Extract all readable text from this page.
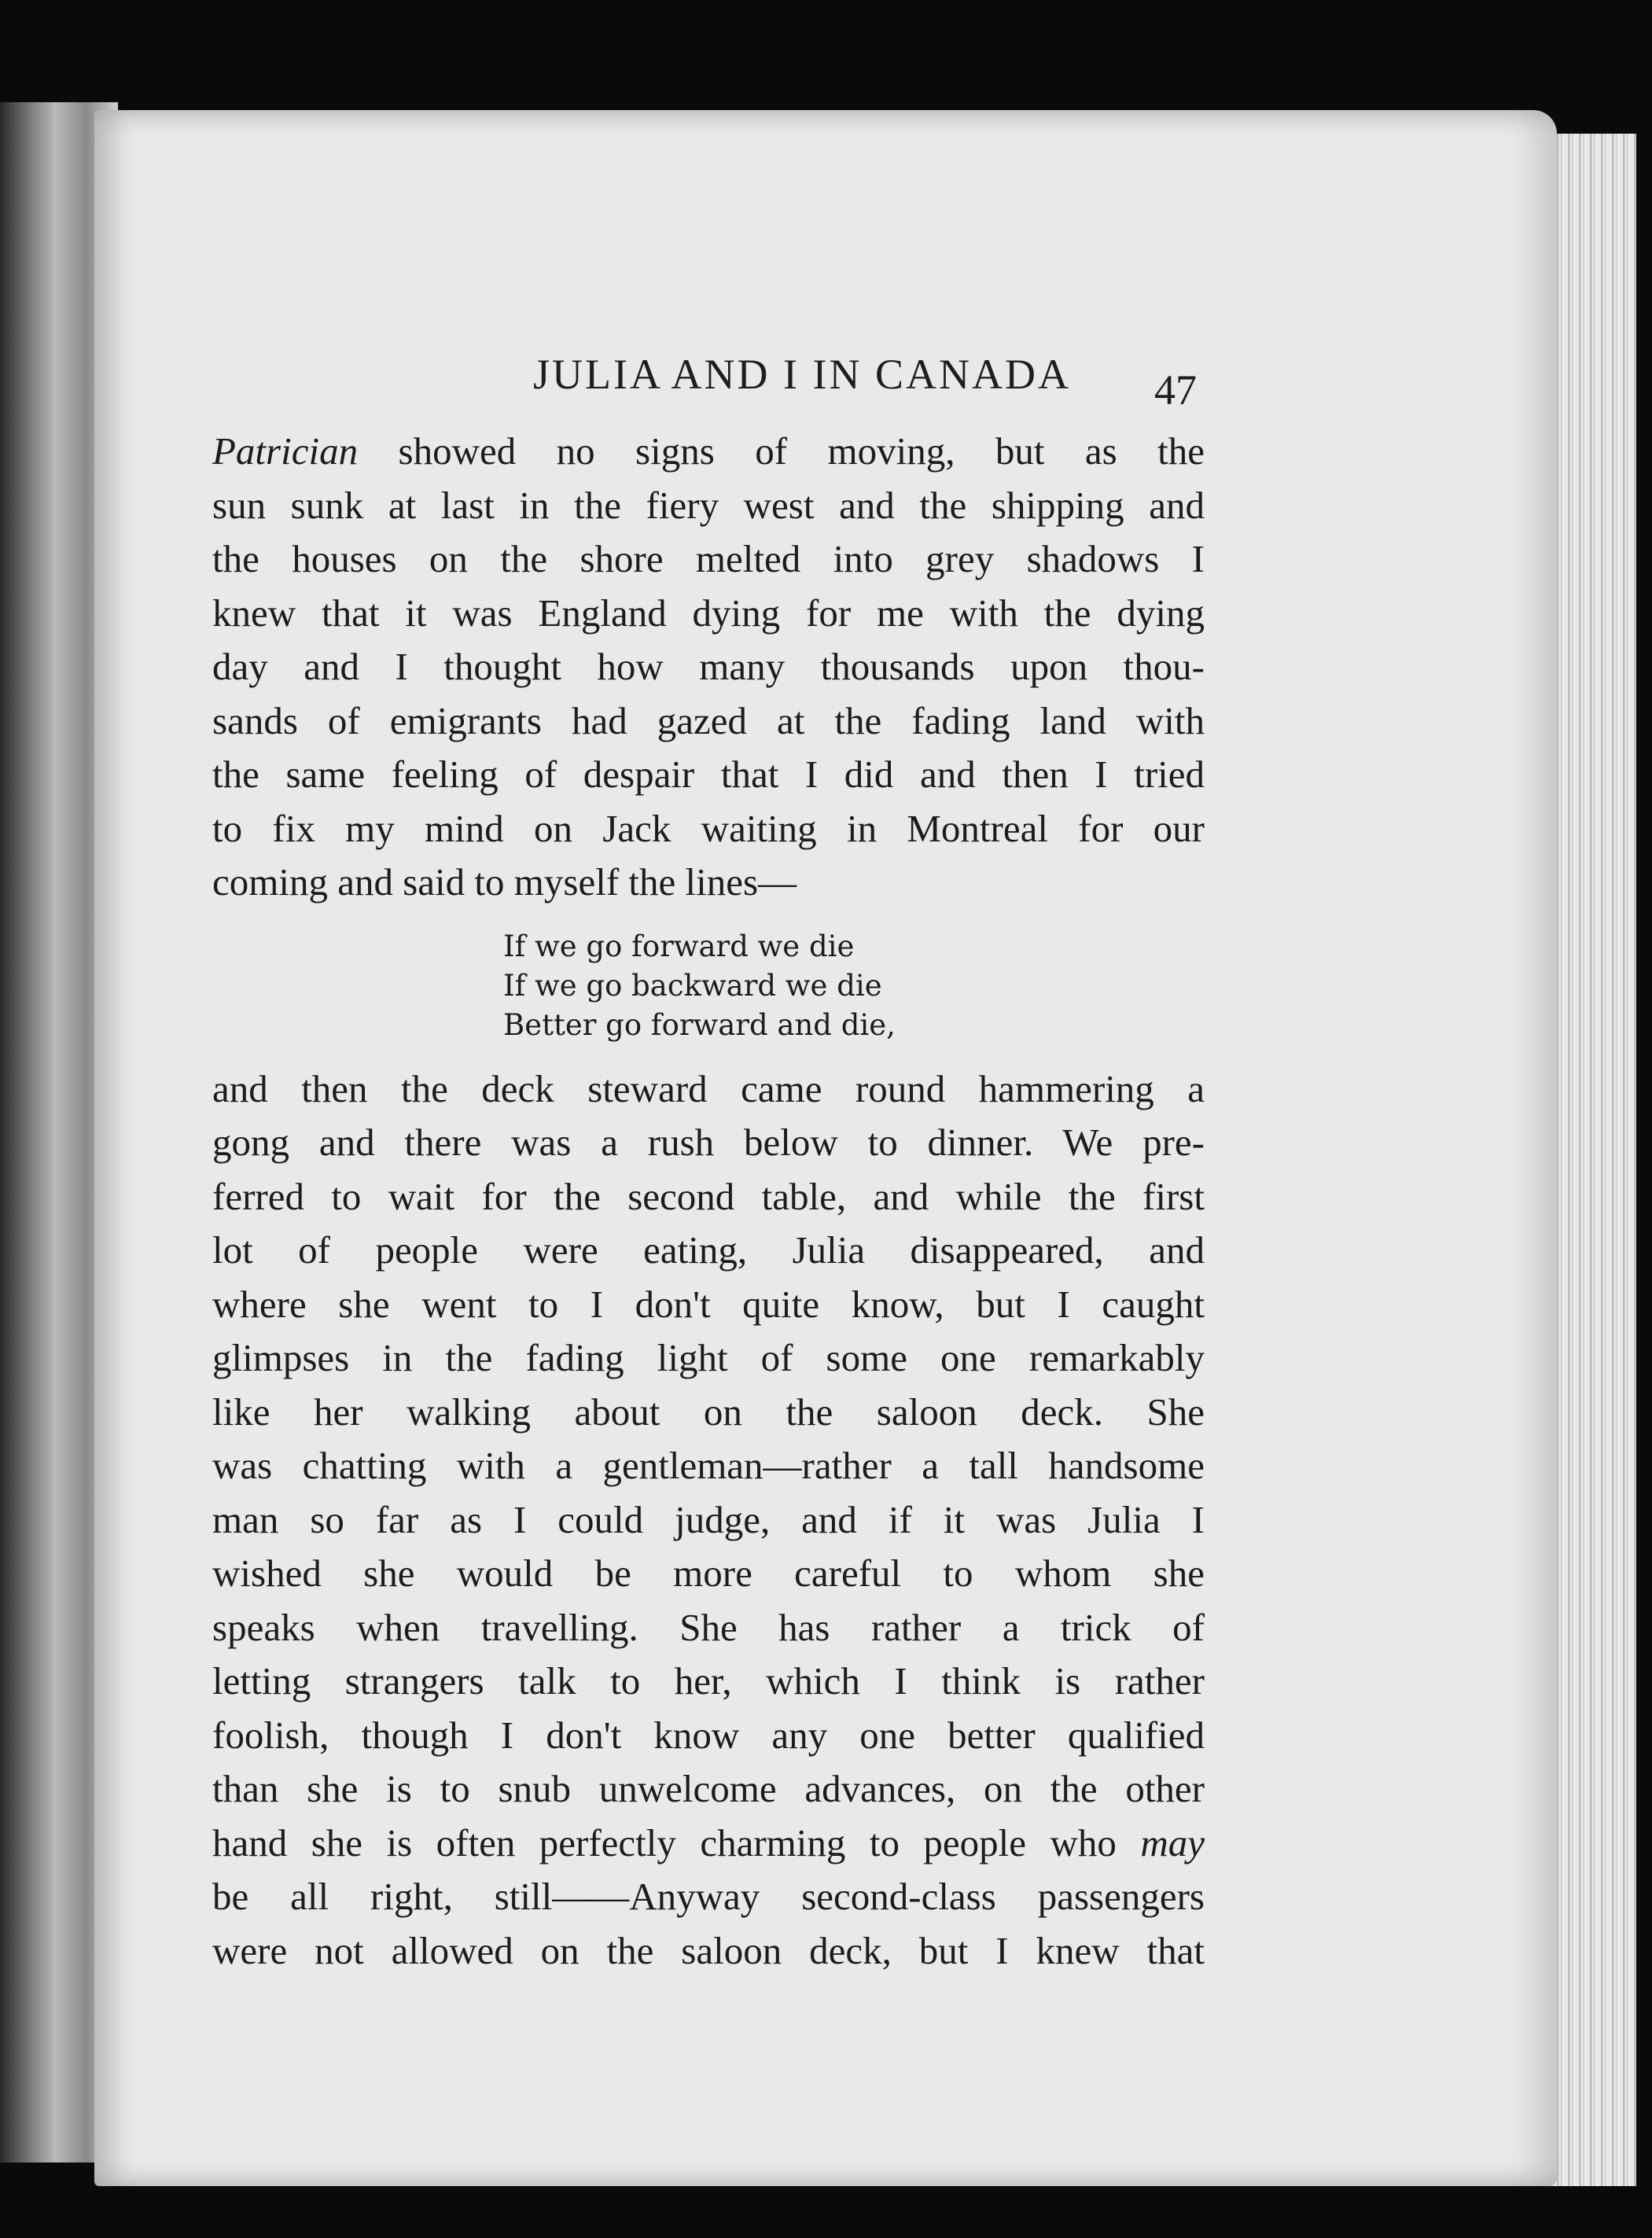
JULIA AND I IN CANADA	47
Patrician showed no signs of moving, but as the
sun sunk at last in the fiery west and the shipping and
the houses on the shore melted into grey shadows I
knew that it was England dying for me with the dying
day and I thought how many thousands upon thou-
sands of emigrants had gazed at the fading land with
the same feeling of despair that I did and then I tried
to fix my mind on Jack waiting in Montreal for our
coming and said to myself the lines—
If we go forward we die
If we go backward we die
Better go forward and die,
and then the deck steward came round hammering a
gong and there was a rush below to dinner. We pre-
ferred to wait for the second table, and while the first
lot of people were eating, Julia disappeared, and
where she went to I don't quite know, but I caught
glimpses in the fading light of some one remarkably
like her walking about on the saloon deck. She
was chatting with a gentleman—rather a tall handsome
man so far as I could judge, and if it was Julia I
wished she would be more careful to whom she
speaks when travelling. She has rather a trick of
letting strangers talk to her, which I think is rather
foolish, though I don't know any one better qualified
than she is to snub unwelcome advances, on the other
hand she is often perfectly charming to people who may
be all right, still——Anyway second-class passengers
were not allowed on the saloon deck, but I knew that
